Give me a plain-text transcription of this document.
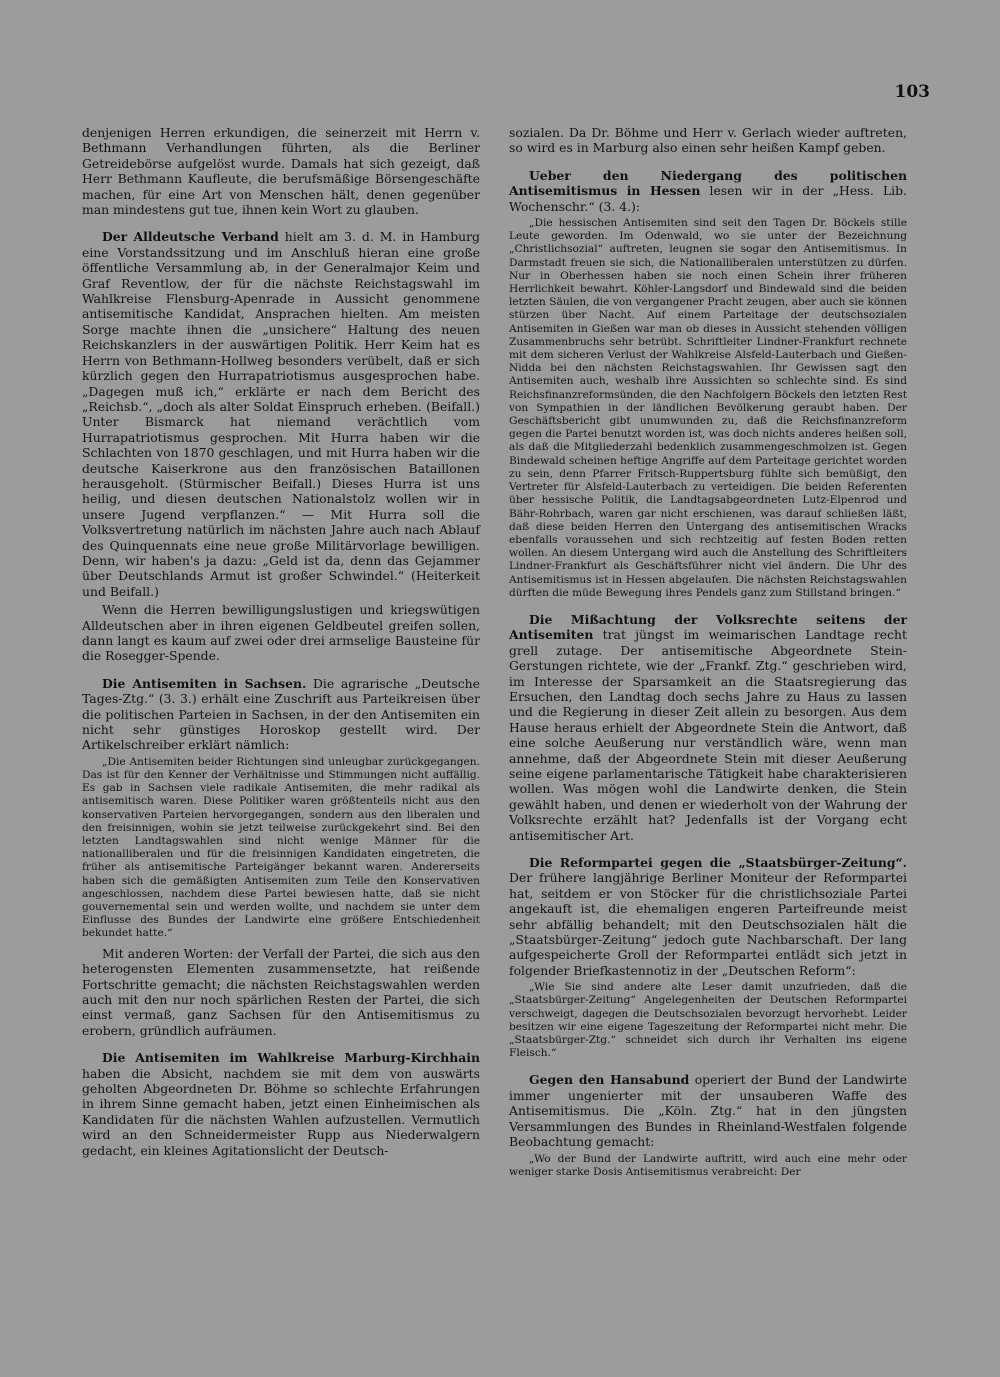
103

denjenigen Herren erkundigen, die seinerzeit mit Herrn v. Bethmann Verhandlungen führten, als die Berliner Getreidebörse aufgelöst wurde. Damals hat sich gezeigt, daß Herr Bethmann Kaufleute, die berufsmäßige Börsengeschäfte machen, für eine Art von Menschen hält, denen gegenüber man mindestens gut tue, ihnen kein Wort zu glauben.

Der Alldeutsche Verband hielt am 3. d. M. in Hamburg eine Vorstandssitzung und im Anschluß hieran eine große öffentliche Versammlung ab, in der Generalmajor Keim und Graf Reventlow, der für die nächste Reichstagswahl im Wahlkreise Flensburg-Apenrade in Aussicht genommene antisemitische Kandidat, Ansprachen hielten. Am meisten Sorge machte ihnen die „unsichere“ Haltung des neuen Reichskanzlers in der auswärtigen Politik. Herr Keim hat es Herrn von Bethmann-Hollweg besonders verübelt, daß er sich kürzlich gegen den Hurrapatriotismus ausgesprochen habe. „Dagegen muß ich,“ erklärte er nach dem Bericht des „Reichsb.“, „doch als alter Soldat Einspruch erheben. (Beifall.) Unter Bismarck hat niemand verächtlich vom Hurrapatriotismus gesprochen. Mit Hurra haben wir die Schlachten von 1870 geschlagen, und mit Hurra haben wir die deutsche Kaiserkrone aus den französischen Bataillonen herausgeholt. (Stürmischer Beifall.) Dieses Hurra ist uns heilig, und diesen deutschen Nationalstolz wollen wir in unsere Jugend verpflanzen.“ — Mit Hurra soll die Volksvertretung natürlich im nächsten Jahre auch nach Ablauf des Quinquennats eine neue große Militärvorlage bewilligen. Denn, wir haben's ja dazu: „Geld ist da, denn das Gejammer über Deutschlands Armut ist großer Schwindel.“ (Heiterkeit und Beifall.)

Wenn die Herren bewilligungslustigen und kriegswütigen Alldeutschen aber in ihren eigenen Geldbeutel greifen sollen, dann langt es kaum auf zwei oder drei armselige Bausteine für die Rosegger-Spende.

Die Antisemiten in Sachsen. Die agrarische „Deutsche Tages-Ztg.“ (3. 3.) erhält eine Zuschrift aus Parteikreisen über die politischen Parteien in Sachsen, in der den Antisemiten ein nicht sehr günstiges Horoskop gestellt wird. Der Artikelschreiber erklärt nämlich:

„Die Antisemiten beider Richtungen sind unleugbar zurückgegangen. Das ist für den Kenner der Verhältnisse und Stimmungen nicht auffällig. Es gab in Sachsen viele radikale Antisemiten, die mehr radikal als antisemitisch waren. Diese Politiker waren größtenteils nicht aus den konservativen Parteien hervorgegangen, sondern aus den liberalen und den freisinnigen, wohin sie jetzt teilweise zurückgekehrt sind. Bei den letzten Landtagswahlen sind nicht wenige Männer für die nationalliberalen und für die freisinnigen Kandidaten eingetreten, die früher als antisemitische Parteigänger bekannt waren. Andererseits haben sich die gemäßigten Antisemiten zum Teile den Konservativen angeschlossen, nachdem diese Partei bewiesen hatte, daß sie nicht gouvernemental sein und werden wollte, und nachdem sie unter dem Einflusse des Bundes der Landwirte eine größere Entschiedenheit bekundet hatte.“

Mit anderen Worten: der Verfall der Partei, die sich aus den heterogensten Elementen zusammensetzte, hat reißende Fortschritte gemacht; die nächsten Reichstagswahlen werden auch mit den nur noch spärlichen Resten der Partei, die sich einst vermaß, ganz Sachsen für den Antisemitismus zu erobern, gründlich aufräumen.

Die Antisemiten im Wahlkreise Marburg-Kirchhain haben die Absicht, nachdem sie mit dem von auswärts geholten Abgeordneten Dr. Böhme so schlechte Erfahrungen in ihrem Sinne gemacht haben, jetzt einen Einheimischen als Kandidaten für die nächsten Wahlen aufzustellen. Vermutlich wird an den Schneidermeister Rupp aus Niederwalgern gedacht, ein kleines Agitationslicht der Deutsch-

sozialen. Da Dr. Böhme und Herr v. Gerlach wieder auftreten, so wird es in Marburg also einen sehr heißen Kampf geben.

Ueber den Niedergang des politischen Antisemitismus in Hessen lesen wir in der „Hess. Lib. Wochenschr.“ (3. 4.):

„Die hessischen Antisemiten sind seit den Tagen Dr. Böckels stille Leute geworden. Im Odenwald, wo sie unter der Bezeichnung „Christlichsozial“ auftreten, leugnen sie sogar den Antisemitismus. In Darmstadt freuen sie sich, die Nationalliberalen unterstützen zu dürfen. Nur in Oberhessen haben sie noch einen Schein ihrer früheren Herrlichkeit bewahrt. Köhler-Langsdorf und Bindewald sind die beiden letzten Säulen, die von vergangener Pracht zeugen, aber auch sie können stürzen über Nacht. Auf einem Parteitage der deutschsozialen Antisemiten in Gießen war man ob dieses in Aussicht stehenden völligen Zusammenbruchs sehr betrübt. Schriftleiter Lindner-Frankfurt rechnete mit dem sicheren Verlust der Wahlkreise Alsfeld-Lauterbach und Gießen-Nidda bei den nächsten Reichstagswahlen. Ihr Gewissen sagt den Antisemiten auch, weshalb ihre Aussichten so schlechte sind. Es sind Reichsfinanzreformsünden, die den Nachfolgern Böckels den letzten Rest von Sympathien in der ländlichen Bevölkerung geraubt haben. Der Geschäftsbericht gibt unumwunden zu, daß die Reichsfinanzreform gegen die Partei benutzt worden ist, was doch nichts anderes heißen soll, als daß die Mitgliederzahl bedenklich zusammengeschmolzen ist. Gegen Bindewald scheinen heftige Angriffe auf dem Parteitage gerichtet worden zu sein, denn Pfarrer Fritsch-Ruppertsburg fühlte sich bemüßigt, den Vertreter für Alsfeld-Lauterbach zu verteidigen. Die beiden Referenten über hessische Politik, die Landtagsabgeordneten Lutz-Elpenrod und Bähr-Rohrbach, waren gar nicht erschienen, was darauf schließen läßt, daß diese beiden Herren den Untergang des antisemitischen Wracks ebenfalls voraussehen und sich rechtzeitig auf festen Boden retten wollen. An diesem Untergang wird auch die Anstellung des Schriftleiters Lindner-Frankfurt als Geschäftsführer nicht viel ändern. Die Uhr des Antisemitismus ist in Hessen abgelaufen. Die nächsten Reichstagswahlen dürften die müde Bewegung ihres Pendels ganz zum Stillstand bringen.“

Die Mißachtung der Volksrechte seitens der Antisemiten trat jüngst im weimarischen Landtage recht grell zutage. Der antisemitische Abgeordnete Stein-Gerstungen richtete, wie der „Frankf. Ztg.“ geschrieben wird, im Interesse der Sparsamkeit an die Staatsregierung das Ersuchen, den Landtag doch sechs Jahre zu Haus zu lassen und die Regierung in dieser Zeit allein zu besorgen. Aus dem Hause heraus erhielt der Abgeordnete Stein die Antwort, daß eine solche Aeußerung nur verständlich wäre, wenn man annehme, daß der Abgeordnete Stein mit dieser Aeußerung seine eigene parlamentarische Tätigkeit habe charakterisieren wollen. Was mögen wohl die Landwirte denken, die Stein gewählt haben, und denen er wiederholt von der Wahrung der Volksrechte erzählt hat? Jedenfalls ist der Vorgang echt antisemitischer Art.

Die Reformpartei gegen die „Staatsbürger-Zeitung“. Der frühere langjährige Berliner Moniteur der Reformpartei hat, seitdem er von Stöcker für die christlichsoziale Partei angekauft ist, die ehemaligen engeren Parteifreunde meist sehr abfällig behandelt; mit den Deutschsozialen hält die „Staatsbürger-Zeitung“ jedoch gute Nachbarschaft. Der lang aufgespeicherte Groll der Reformpartei entlädt sich jetzt in folgender Briefkastennotiz in der „Deutschen Reform“:

„Wie Sie sind andere alte Leser damit unzufrieden, daß die „Staatsbürger-Zeitung“ Angelegenheiten der Deutschen Reformpartei verschweigt, dagegen die Deutschsozialen bevorzugt hervorhebt. Leider besitzen wir eine eigene Tageszeitung der Reformpartei nicht mehr. Die „Staatsbürger-Ztg.“ schneidet sich durch ihr Verhalten ins eigene Fleisch.“

Gegen den Hansabund operiert der Bund der Landwirte immer ungenierter mit der unsauberen Waffe des Antisemitismus. Die „Köln. Ztg.“ hat in den jüngsten Versammlungen des Bundes in Rheinland-Westfalen folgende Beobachtung gemacht:

„Wo der Bund der Landwirte auftritt, wird auch eine mehr oder weniger starke Dosis Antisemitismus verabreicht: Der
